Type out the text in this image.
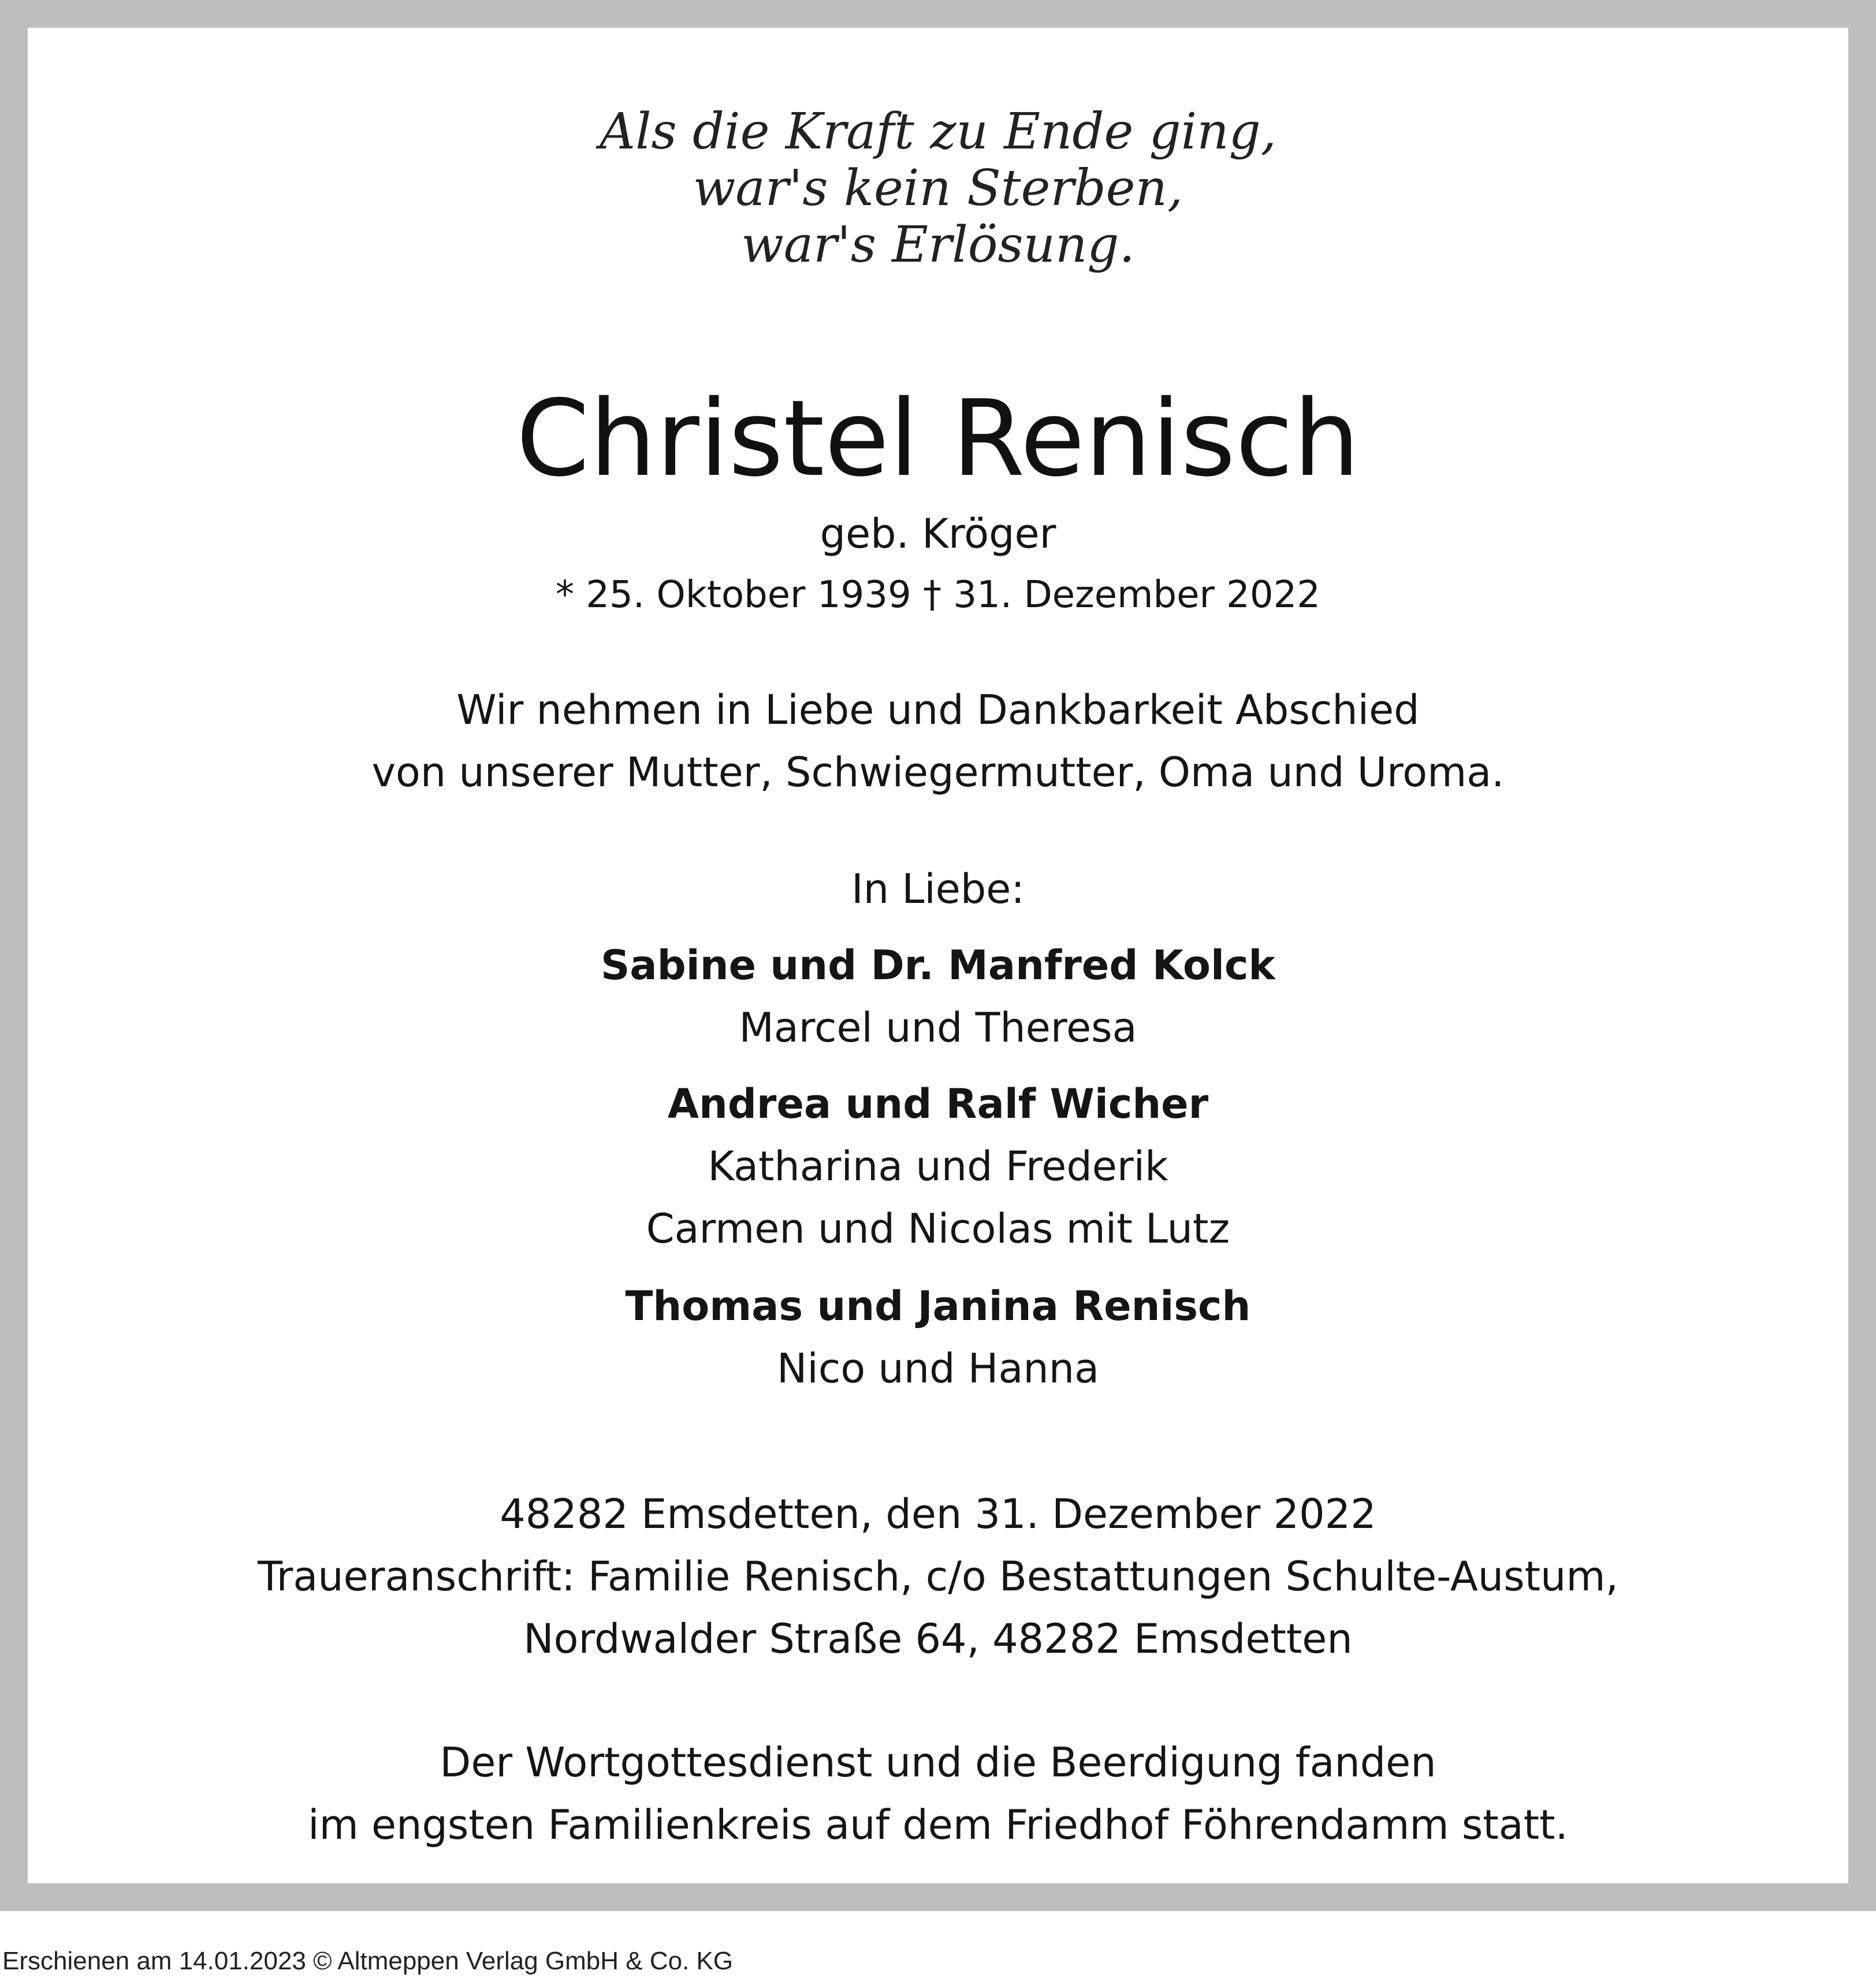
Als die Kraft zu Ende ging,
war's kein Sterben,
war's Erlösung.
Christel Renisch
geb. Kröger
* 25. Oktober 1939 † 31. Dezember 2022
Wir nehmen in Liebe und Dankbarkeit Abschied
von unserer Mutter, Schwiegermutter, Oma und Uroma.
In Liebe:
Sabine und Dr. Manfred Kolck
Marcel und Theresa
Andrea und Ralf Wicher
Katharina und Frederik
Carmen und Nicolas mit Lutz
Thomas und Janina Renisch
Nico und Hanna
48282 Emsdetten, den 31. Dezember 2022
Traueranschrift: Familie Renisch, c/o Bestattungen Schulte-Austum,
Nordwalder Straße 64, 48282 Emsdetten
Der Wortgottesdienst und die Beerdigung fanden
im engsten Familienkreis auf dem Friedhof Föhrendamm statt.
Erschienen am 14.01.2023 © Altmeppen Verlag GmbH & Co. KG
